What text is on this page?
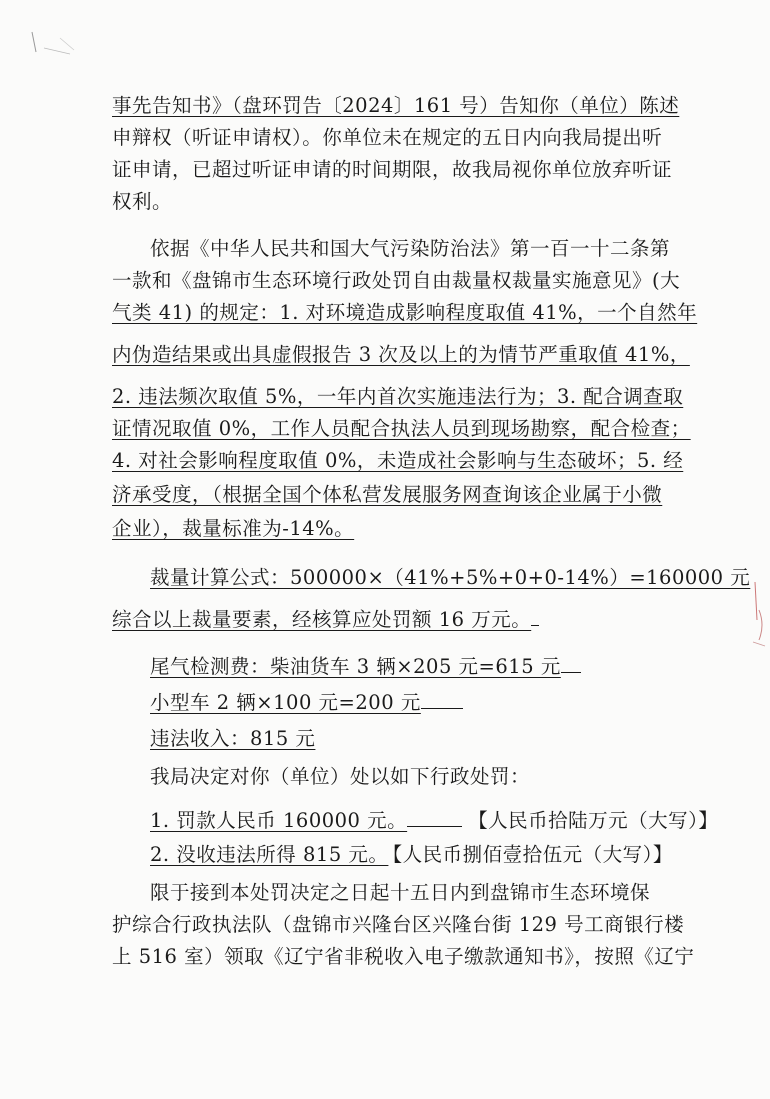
事先告知书》（盘环罚告〔2024〕161 号）告知你（单位）陈述
申辩权（听证申请权）。你单位未在规定的五日内向我局提出听
证申请，已超过听证申请的时间期限，故我局视你单位放弃听证
权利。
依据《中华人民共和国大气污染防治法》第一百一十二条第
一款和《盘锦市生态环境行政处罚自由裁量权裁量实施意见》(大
气类 41) 的规定：1. 对环境造成影响程度取值 41%，一个自然年
内伪造结果或出具虚假报告 3 次及以上的为情节严重取值 41%，
2. 违法频次取值 5%，一年内首次实施违法行为；3. 配合调查取
证情况取值 0%，工作人员配合执法人员到现场勘察，配合检查；
4. 对社会影响程度取值 0%，未造成社会影响与生态破坏；5. 经
济承受度，（根据全国个体私营发展服务网查询该企业属于小微
企业），裁量标准为-14%。
裁量计算公式：500000×（41%+5%+0+0-14%）=160000 元
综合以上裁量要素，经核算应处罚额 16 万元。
尾气检测费：柴油货车 3 辆×205 元=615 元
小型车 2 辆×100 元=200 元
违法收入：815 元
我局决定对你（单位）处以如下行政处罚：
1. 罚款人民币 160000 元。	【人民币拾陆万元（大写）】
2. 没收违法所得 815 元。 【人民币捌佰壹拾伍元（大写）】
限于接到本处罚决定之日起十五日内到盘锦市生态环境保
护综合行政执法队（盘锦市兴隆台区兴隆台街 129 号工商银行楼
上 516 室）领取《辽宁省非税收入电子缴款通知书》，按照《辽宁
